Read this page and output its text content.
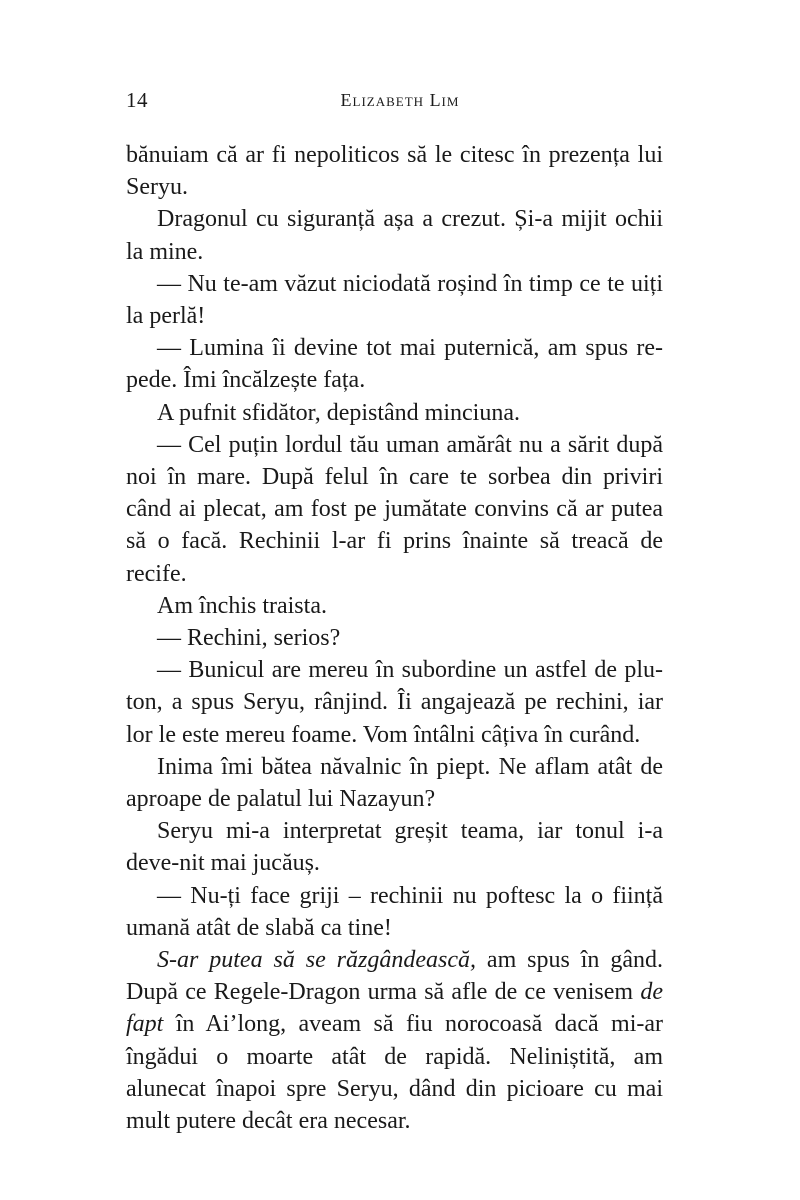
14	Elizabeth Lim

bănuiam că ar fi nepoliticos să le citesc în prezența lui Seryu.

Dragonul cu siguranță așa a crezut. Și-a mijit ochii la mine.

— Nu te-am văzut niciodată roșind în timp ce te uiți la perlă!

— Lumina îi devine tot mai puternică, am spus re-pede. Îmi încălzește fața.

A pufnit sfidător, depistând minciuna.

— Cel puțin lordul tău uman amărât nu a sărit după noi în mare. După felul în care te sorbea din priviri când ai plecat, am fost pe jumătate convins că ar putea să o facă. Rechinii l-ar fi prins înainte să treacă de recife.

Am închis traista.

— Rechini, serios?

— Bunicul are mereu în subordine un astfel de plu-ton, a spus Seryu, rânjind. Îi angajează pe rechini, iar lor le este mereu foame. Vom întâlni câțiva în curând.

Inima îmi bătea năvalnic în piept. Ne aflam atât de aproape de palatul lui Nazayun?

Seryu mi-a interpretat greșit teama, iar tonul i-a deve-nit mai jucăuș.

— Nu-ți face griji – rechinii nu poftesc la o ființă umană atât de slabă ca tine!

S-ar putea să se răzgândească, am spus în gând. După ce Regele-Dragon urma să afle de ce venisem de fapt în Ai’long, aveam să fiu norocoasă dacă mi-ar îngădui o moarte atât de rapidă. Neliniștită, am alunecat înapoi spre Seryu, dând din picioare cu mai mult putere decât era necesar.
